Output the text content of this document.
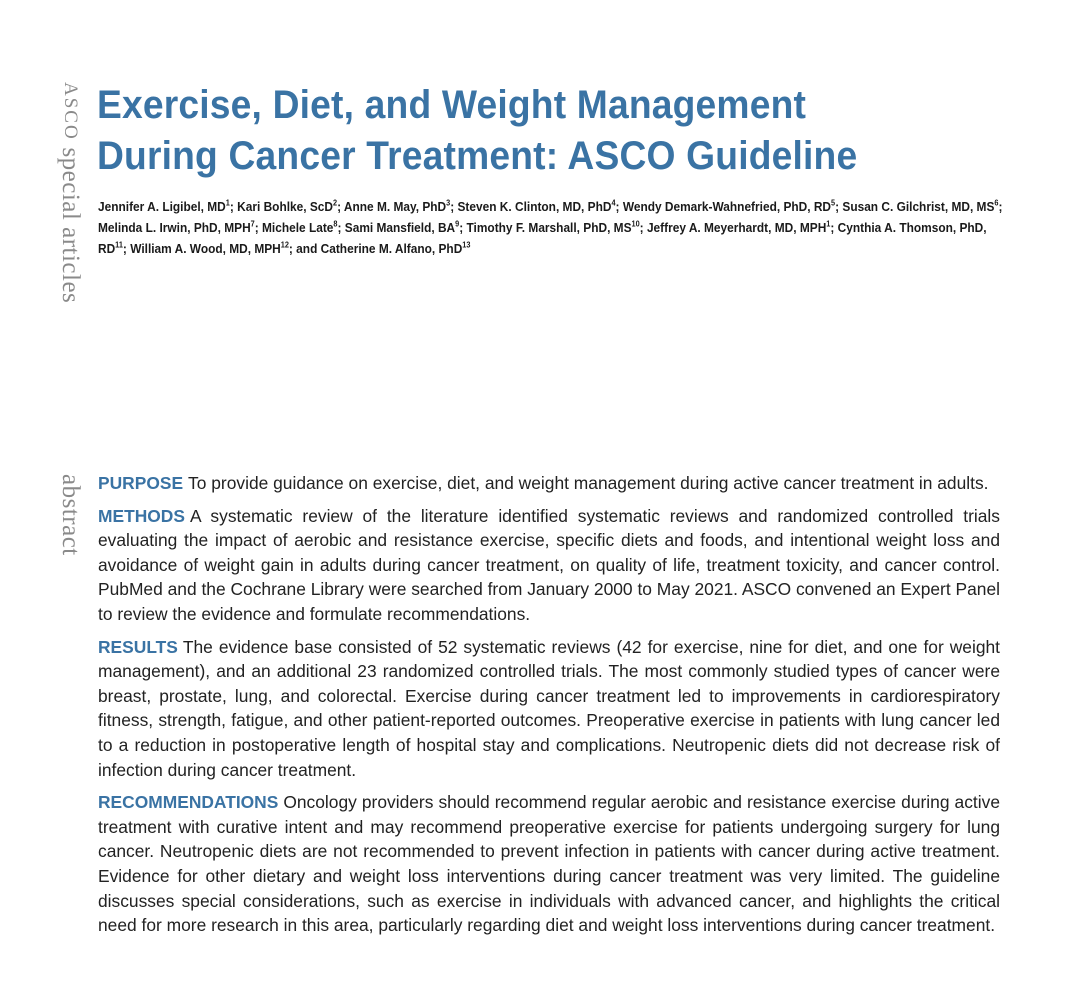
ASCO special articles
abstract
Exercise, Diet, and Weight Management
During Cancer Treatment: ASCO Guideline

Jennifer A. Ligibel, $MD^1$; Kari Bohlke, ScD$^2$; Anne M. May, PhD$^3$; Steven K. Clinton, MD, PhD$^4$; Wendy Demark-Wahnefried, PhD, $RD^5$; Susan C. Gilchrist, MD, $MS^6$; Melinda L. Irwin, PhD, MPH$^7$; Michele Late$^8$; Sami Mansfield, $BA^9$; Timothy F. Marshall, PhD, MS$^{10}$; Jeffrey A. Meyerhardt, MD, MPH$^1$; Cynthia A. Thomson, PhD, RD$^{11}$; William A. Wood, MD, MPH$^{12}$; and Catherine M. Alfano, PhD$^{13}$

PURPOSE To provide guidance on exercise, diet, and weight management during active cancer treatment in adults.

METHODS A systematic review of the literature identified systematic reviews and randomized controlled trials evaluating the impact of aerobic and resistance exercise, specific diets and foods, and intentional weight loss and avoidance of weight gain in adults during cancer treatment, on quality of life, treatment toxicity, and cancer control. PubMed and the Cochrane Library were searched from January 2000 to May 2021. ASCO convened an Expert Panel to review the evidence and formulate recommendations.

RESULTS The evidence base consisted of 52 systematic reviews (42 for exercise, nine for diet, and one for weight management), and an additional 23 randomized controlled trials. The most commonly studied types of cancer were breast, prostate, lung, and colorectal. Exercise during cancer treatment led to improvements in cardiorespiratory fitness, strength, fatigue, and other patient-reported outcomes. Preoperative exercise in patients with lung cancer led to a reduction in postoperative length of hospital stay and complications. Neutropenic diets did not decrease risk of infection during cancer treatment.

RECOMMENDATIONS Oncology providers should recommend regular aerobic and resistance exercise during active treatment with curative intent and may recommend preoperative exercise for patients undergoing surgery for lung cancer. Neutropenic diets are not recommended to prevent infection in patients with cancer during active treatment. Evidence for other dietary and weight loss interventions during cancer treatment was very limited. The guideline discusses special considerations, such as exercise in individuals with advanced cancer, and highlights the critical need for more research in this area, particularly regarding diet and weight loss interventions during cancer treatment.
